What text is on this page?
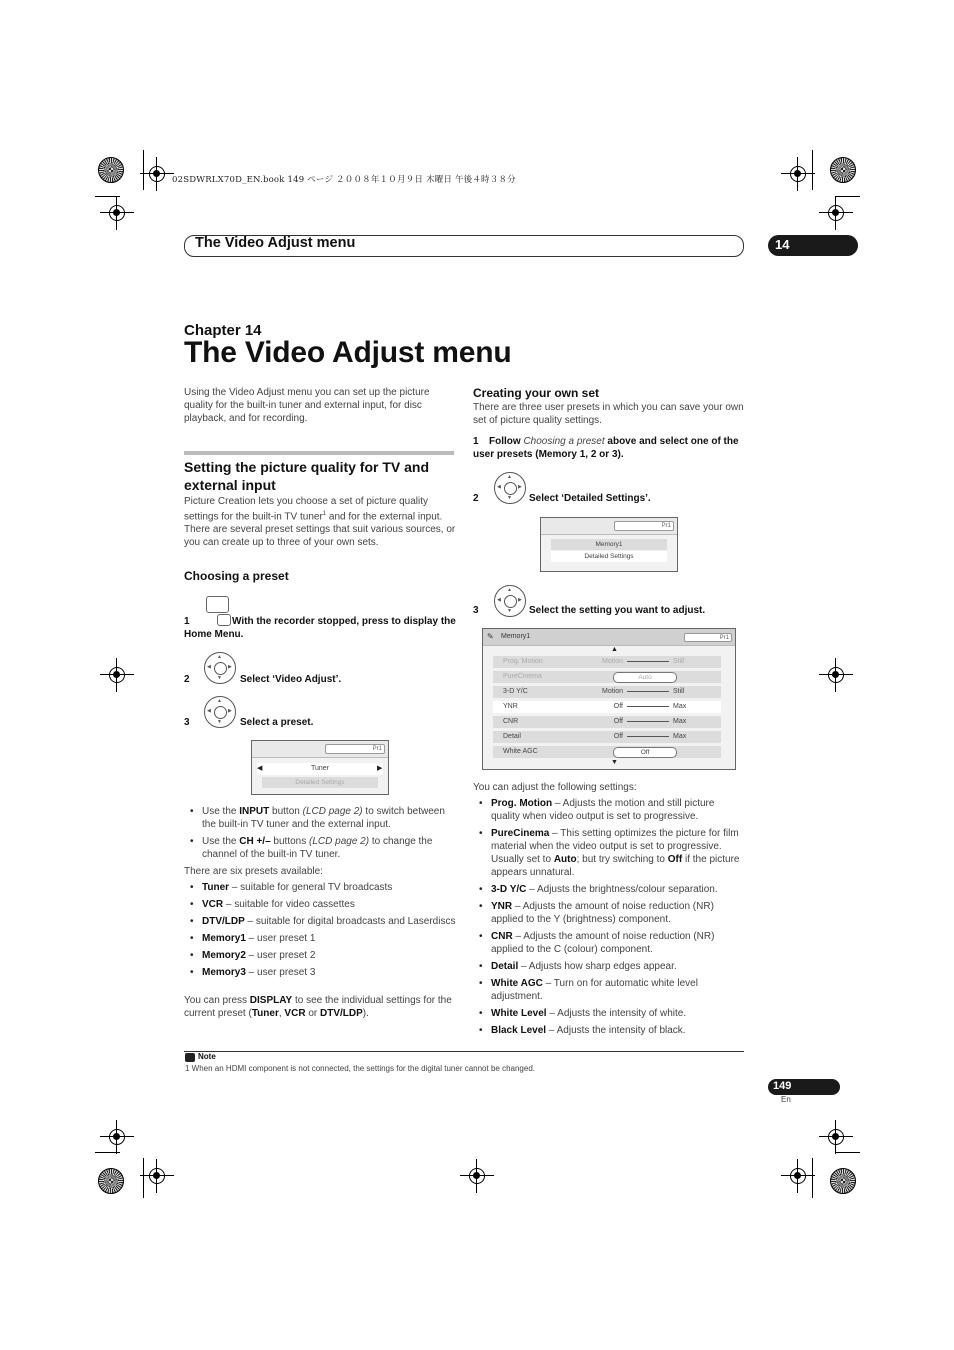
02SDWRLX70D_EN.book 149 ページ ２００８年１０月９日 木曜日 午後４時３８分
The Video Adjust menu	14
Chapter 14
The Video Adjust menu
Using the Video Adjust menu you can set up the picture quality for the built-in tuner and external input, for disc playback, and for recording.
Setting the picture quality for TV and external input
Picture Creation lets you choose a set of picture quality settings for the built-in TV tuner$^1$ and for the external input. There are several preset settings that suit various sources, or you can create up to three of your own sets.
Choosing a preset
1	With the recorder stopped, press to display the Home Menu.
▲
▼
◀	▶
2	Select ‘Video Adjust’.
▲
▼
◀	▶
3	Select a preset.
Pr1
Tuner
◀	▶
Detailed Settings
• Use the INPUT button (LCD page 2) to switch between the built-in TV tuner and the external input.
• Use the CH +/– buttons (LCD page 2) to change the channel of the built-in TV tuner.
There are six presets available:
• Tuner – suitable for general TV broadcasts
• VCR – suitable for video cassettes
• DTV/LDP – suitable for digital broadcasts and Laserdiscs
• Memory1 – user preset 1
• Memory2 – user preset 2
• Memory3 – user preset 3
You can press DISPLAY to see the individual settings for the current preset (Tuner, VCR or DTV/LDP).
Creating your own set
There are three user presets in which you can save your own set of picture quality settings.
1 Follow Choosing a preset above and select one of the user presets (Memory 1, 2 or 3).
▲
▼
◀	▶
2	Select ‘Detailed Settings’.
Pr1
Memory1
Detailed Settings
▲
▼
◀	▶
3	Select the setting you want to adjust.
✎ Memory1	Pr1
▲
Prog. Motion	Motion	Still
PureCinema	Auto
3-D Y/C	Motion	Still
YNR	Off	Max
CNR	Off	Max
Detail	Off	Max
White AGC	Off
▼
You can adjust the following settings:
• Prog. Motion – Adjusts the motion and still picture quality when video output is set to progressive.
• PureCinema – This setting optimizes the picture for film material when the video output is set to progressive. Usually set to Auto; but try switching to Off if the picture appears unnatural.
• 3-D Y/C – Adjusts the brightness/colour separation.
• YNR – Adjusts the amount of noise reduction (NR) applied to the Y (brightness) component.
• CNR – Adjusts the amount of noise reduction (NR) applied to the C (colour) component.
• Detail – Adjusts how sharp edges appear.
• White AGC – Turn on for automatic white level adjustment.
• White Level – Adjusts the intensity of white.
• Black Level – Adjusts the intensity of black.
Note
1 When an HDMI component is not connected, the settings for the digital tuner cannot be changed.
149
En
